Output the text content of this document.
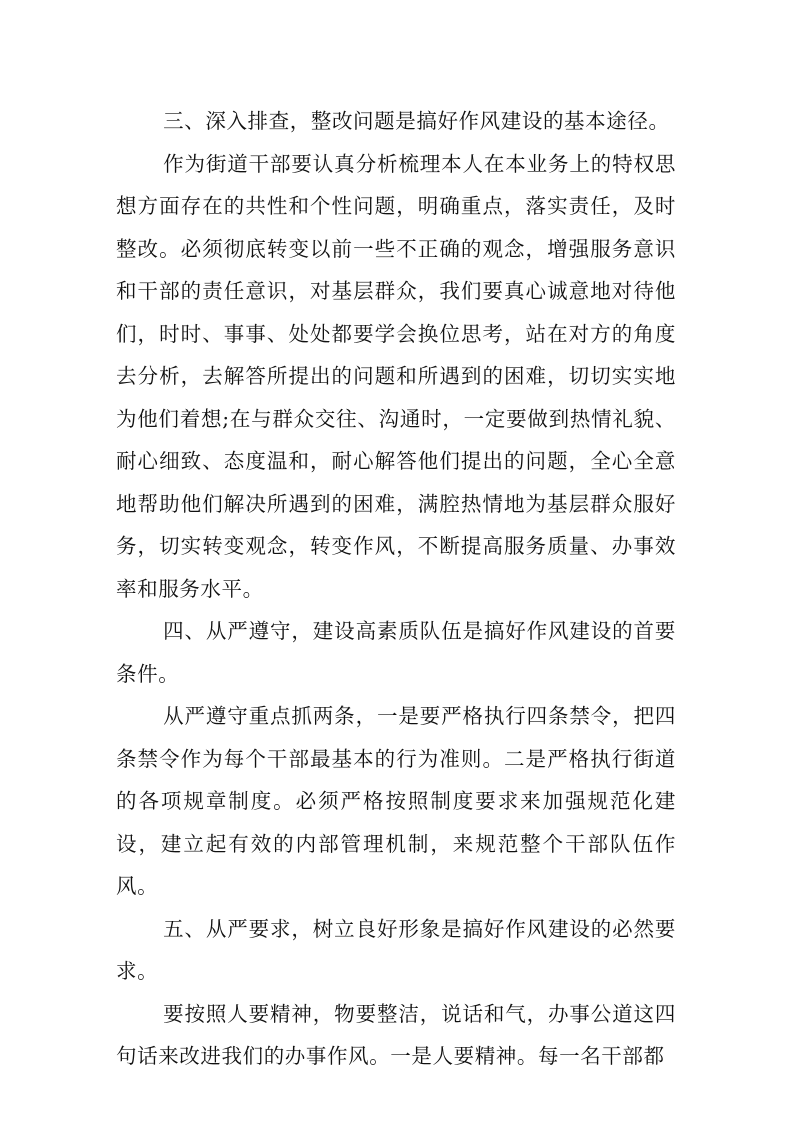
三、深入排查，整改问题是搞好作风建设的基本途径。

作为街道干部要认真分析梳理本人在本业务上的特权思想方面存在的共性和个性问题，明确重点，落实责任，及时整改。必须彻底转变以前一些不正确的观念，增强服务意识和干部的责任意识，对基层群众，我们要真心诚意地对待他们，时时、事事、处处都要学会换位思考，站在对方的角度去分析，去解答所提出的问题和所遇到的困难，切切实实地为他们着想;在与群众交往、沟通时，一定要做到热情礼貌、耐心细致、态度温和，耐心解答他们提出的问题，全心全意地帮助他们解决所遇到的困难，满腔热情地为基层群众服好务，切实转变观念，转变作风，不断提高服务质量、办事效率和服务水平。

四、从严遵守，建设高素质队伍是搞好作风建设的首要条件。

从严遵守重点抓两条，一是要严格执行四条禁令，把四条禁令作为每个干部最基本的行为准则。二是严格执行街道的各项规章制度。必须严格按照制度要求来加强规范化建设，建立起有效的内部管理机制，来规范整个干部队伍作风。

五、从严要求，树立良好形象是搞好作风建设的必然要求。

要按照人要精神，物要整洁，说话和气，办事公道这四句话来改进我们的办事作风。一是人要精神。每一名干部都
